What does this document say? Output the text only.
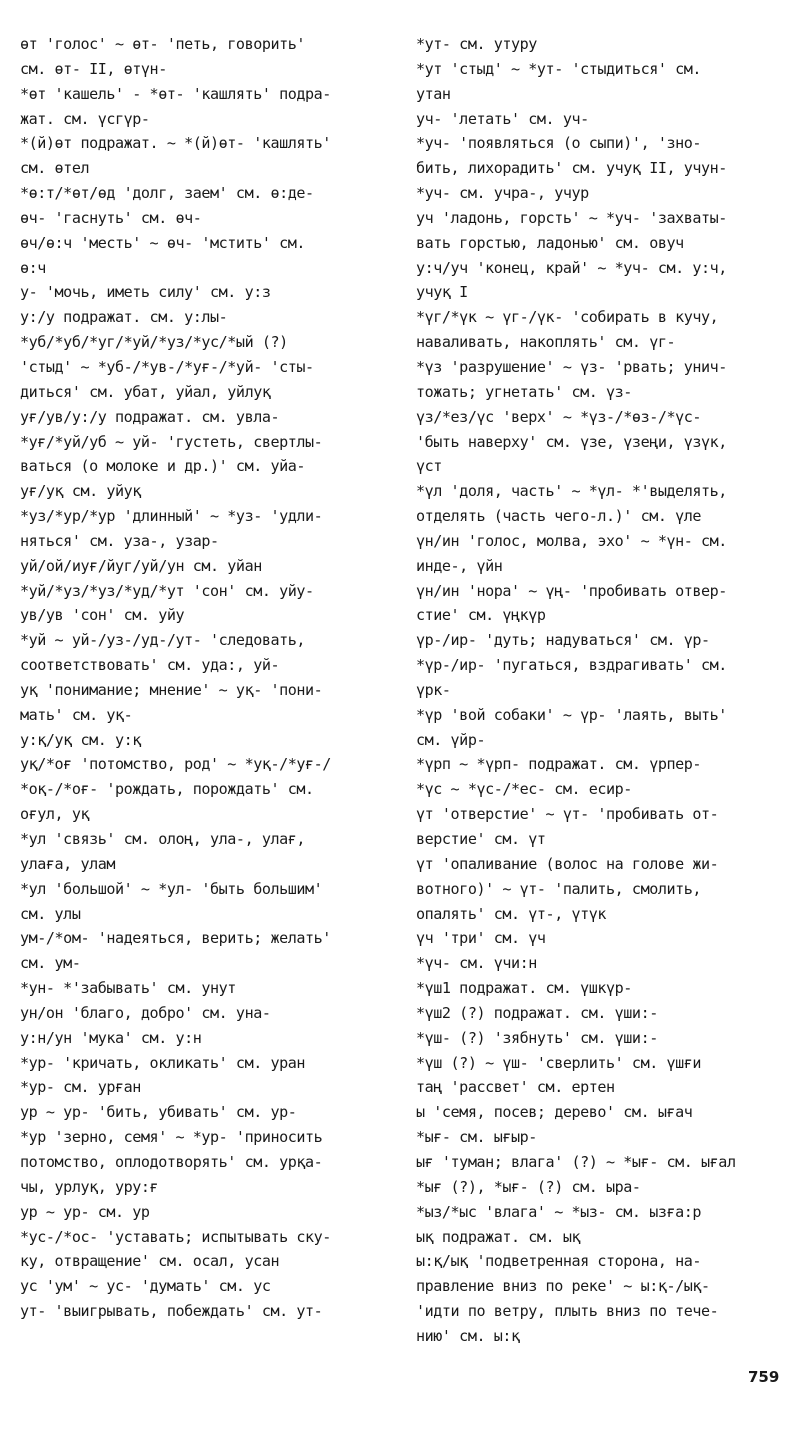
өт 'голос' ~ өт- 'петь, говорить'
см. өт- II, өтүн-
*өт 'кашель' - *өт- 'кашлять' подра-
жат. см. үсгүр-
*(й)өт подражат. ~ *(й)өт- 'кашлять'
см. өтел
*ө:т/*өт/өд 'долг, заем' см. ө:де-
өч- 'гаснуть' см. өч-
өч/ө:ч 'месть' ~ өч- 'мстить' см.
ө:ч
у- 'мочь, иметь силу' см. у:з
у:/у подражат. см. у:лы-
*уб/*уб/*уг/*уй/*уз/*ус/*ый (?)
'стыд' ~ *уб-/*ув-/*уғ-/*уй- 'сты-
диться' см. убат, уйал, уйлуқ
уғ/ув/у:/у подражат. см. увла-
*уғ/*уй/уб ~ уй- 'густеть, свертлы-
ваться (о молоке и др.)' см. уйа-
уғ/уқ см. уйуқ
*уз/*ур/*ур 'длинный' ~ *уз- 'удли-
няться' см. уза-, узар-
уй/ой/иуғ/йуг/уй/ун см. уйан
*уй/*уз/*уз/*уд/*ут 'сон' см. уйу-
ув/ув 'сон' см. уйу
*уй ~ уй-/уз-/уд-/ут- 'следовать,
соответствовать' см. уда:, уй-
уқ 'понимание; мнение' ~ уқ- 'пони-
мать' см. уқ-
у:қ/уқ см. у:қ
уқ/*оғ 'потомство, род' ~ *уқ-/*уғ-/
*оқ-/*оғ- 'рождать, порождать' см.
оғул, уқ
*ул 'связь' см. олоң, ула-, улағ,
улаға, улам
*ул 'большой' ~ *ул- 'быть большим'
см. улы
ум-/*ом- 'надеяться, верить; желать'
см. ум-
*ун- *'забывать' см. унут
ун/он 'благо, добро' см. уна-
у:н/ун 'мука' см. у:н
*ур- 'кричать, окликать' см. уран
*ур- см. урған
ур ~ ур- 'бить, убивать' см. ур-
*ур 'зерно, семя' ~ *ур- 'приносить
потомство, оплодотворять' см. урқа-
чы, урлуқ, уру:ғ
ур ~ ур- см. ур
*ус-/*ос- 'уставать; испытывать ску-
ку, отвращение' см. осал, усан
ус 'ум' ~ ус- 'думать' см. ус
ут- 'выигрывать, побеждать' см. ут-
*ут- см. утуру
*ут 'стыд' ~ *ут- 'стыдиться' см.
утан
уч- 'летать' см. уч-
*уч- 'появляться (о сыпи)', 'зно-
бить, лихорадить' см. учуқ II, учун-
*уч- см. учра-, учур
уч 'ладонь, горсть' ~ *уч- 'захваты-
вать горстью, ладонью' см. овуч
у:ч/уч 'конец, край' ~ *уч- см. у:ч,
учуқ I
*үг/*үк ~ үг-/үк- 'собирать в кучу,
наваливать, накоплять' см. үг-
*үз 'разрушение' ~ үз- 'рвать; унич-
тожать; угнетать' см. үз-
үз/*ез/үс 'верх' ~ *үз-/*өз-/*үс-
'быть наверху' см. үзе, үзеңи, үзүк,
үст
*үл 'доля, часть' ~ *үл- *'выделять,
отделять (часть чего-л.)' см. үле
үн/ин 'голос, молва, эхо' ~ *үн- см.
инде-, үйн
үн/ин 'нора' ~ үң- 'пробивать отвер-
стие' см. үңкүр
үр-/ир- 'дуть; надуваться' см. үр-
*үр-/ир- 'пугаться, вздрагивать' см.
үрк-
*үр 'вой собаки' ~ үр- 'лаять, выть'
см. үйр-
*үрп ~ *үрп- подражат. см. үрпер-
*үс ~ *үс-/*ес- см. есир-
үт 'отверстие' ~ үт- 'пробивать от-
верстие' см. үт
үт 'опаливание (волос на голове жи-
вотного)' ~ үт- 'палить, смолить,
опалять' см. үт-, үтүк
үч 'три' см. үч
*үч- см. үчи:н
*үш1 подражат. см. үшкүр-
*үш2 (?) подражат. см. үши:-
*үш- (?) 'зябнуть' см. үши:-
*үш (?) ~ үш- 'сверлить' см. үшғи
таң 'рассвет' см. ертен
ы 'семя, посев; дерево' см. ығач
*ығ- см. ығыр-
ығ 'туман; влага' (?) ~ *ығ- см. ығал
*ығ (?), *ығ- (?) см. ыра-
*ыз/*ыс 'влага' ~ *ыз- см. ызға:р
ық подражат. см. ық
ы:қ/ық 'подветренная сторона, на-
правление вниз по реке' ~ ы:қ-/ық-
'идти по ветру, плыть вниз по тече-
нию' см. ы:қ
759
